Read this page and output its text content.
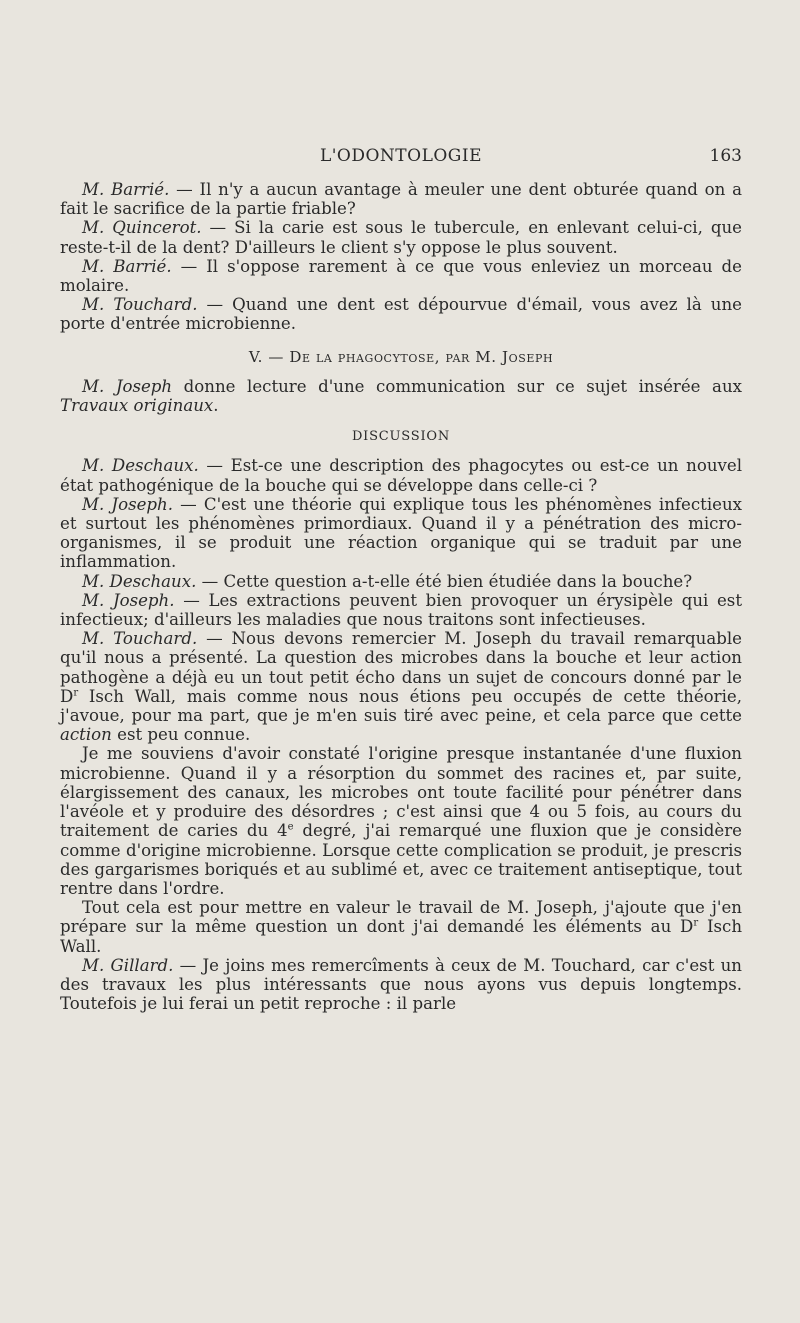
L'ODONTOLOGIE	163

M. Barrié. — Il n'y a aucun avantage à meuler une dent obturée quand on a fait le sacrifice de la partie friable?

M. Quincerot. — Si la carie est sous le tubercule, en enlevant celui-ci, que reste-t-il de la dent? D'ailleurs le client s'y oppose le plus souvent.

M. Barrié. — Il s'oppose rarement à ce que vous enleviez un morceau de molaire.

M. Touchard. — Quand une dent est dépourvue d'émail, vous avez là une porte d'entrée microbienne.

V. — De la phagocytose, par M. Joseph

M. Joseph donne lecture d'une communication sur ce sujet insérée aux Travaux originaux.

DISCUSSION

M. Deschaux. — Est-ce une description des phagocytes ou est-ce un nouvel état pathogénique de la bouche qui se développe dans celle-ci ?

M. Joseph. — C'est une théorie qui explique tous les phénomènes infectieux et surtout les phénomènes primordiaux. Quand il y a pénétration des micro-organismes, il se produit une réaction organique qui se traduit par une inflammation.

M. Deschaux. — Cette question a-t-elle été bien étudiée dans la bouche?

M. Joseph. — Les extractions peuvent bien provoquer un érysipèle qui est infectieux; d'ailleurs les maladies que nous traitons sont infectieuses.

M. Touchard. — Nous devons remercier M. Joseph du travail remarquable qu'il nous a présenté. La question des microbes dans la bouche et leur action pathogène a déjà eu un tout petit écho dans un sujet de concours donné par le $D^r$ Isch Wall, mais comme nous nous étions peu occupés de cette théorie, j'avoue, pour ma part, que je m'en suis tiré avec peine, et cela parce que cette action est peu connue.

Je me souviens d'avoir constaté l'origine presque instantanée d'une fluxion microbienne. Quand il y a résorption du sommet des racines et, par suite, élargissement des canaux, les microbes ont toute facilité pour pénétrer dans l'avéole et y produire des désordres ; c'est ainsi que 4 ou 5 fois, au cours du traitement de caries du 4e degré, j'ai remarqué une fluxion que je considère comme d'origine microbienne. Lorsque cette complication se produit, je prescris des gargarismes boriqués et au sublimé et, avec ce traitement antiseptique, tout rentre dans l'ordre.

Tout cela est pour mettre en valeur le travail de M. Joseph, j'ajoute que j'en prépare sur la même question un dont j'ai demandé les éléments au $D^r$ Isch Wall.

M. Gillard. — Je joins mes remercîments à ceux de M. Touchard, car c'est un des travaux les plus intéressants que nous ayons vus depuis longtemps. Toutefois je lui ferai un petit reproche : il parle
